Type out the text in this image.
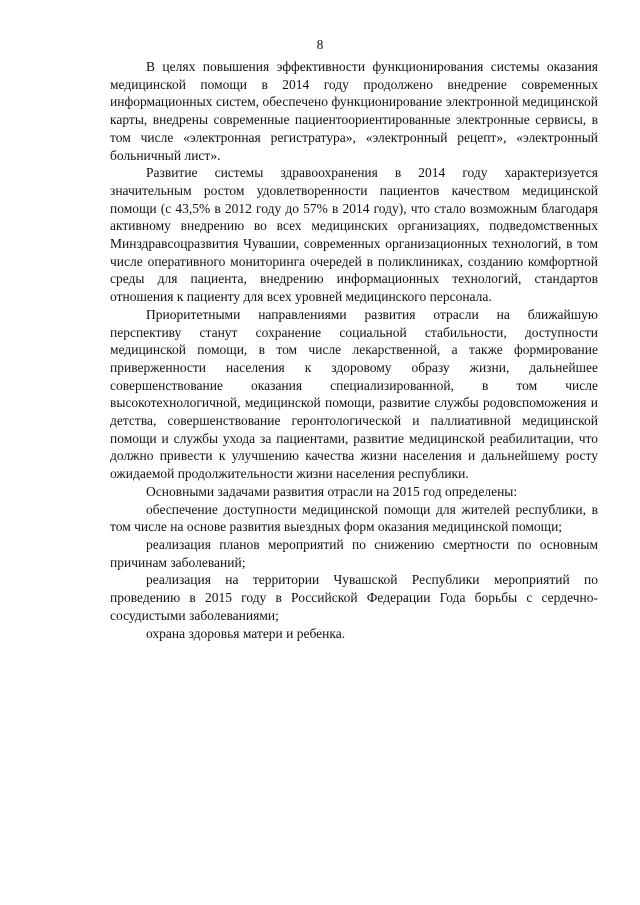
8

В целях повышения эффективности функционирования системы оказания медицинской помощи в 2014 году продолжено внедрение современных информационных систем, обеспечено функционирование электронной медицинской карты, внедрены современные пациентоориентированные электронные сервисы, в том числе «электронная регистратура», «электронный рецепт», «электронный больничный лист».

Развитие системы здравоохранения в 2014 году характеризуется значительным ростом удовлетворенности пациентов качеством медицинской помощи (с 43,5% в 2012 году до 57% в 2014 году), что стало возможным благодаря активному внедрению во всех медицинских организациях, подведомственных Минздравсоцразвития Чувашии, современных организационных технологий, в том числе оперативного мониторинга очередей в поликлиниках, созданию комфортной среды для пациента, внедрению информационных технологий, стандартов отношения к пациенту для всех уровней медицинского персонала.

Приоритетными направлениями развития отрасли на ближайшую перспективу станут сохранение социальной стабильности, доступности медицинской помощи, в том числе лекарственной, а также формирование приверженности населения к здоровому образу жизни, дальнейшее совершенствование оказания специализированной, в том числе высокотехнологичной, медицинской помощи, развитие службы родовспоможения и детства, совершенствование геронтологической и паллиативной медицинской помощи и службы ухода за пациентами, развитие медицинской реабилитации, что должно привести к улучшению качества жизни населения и дальнейшему росту ожидаемой продолжительности жизни населения республики.

Основными задачами развития отрасли на 2015 год определены:

обеспечение доступности медицинской помощи для жителей республики, в том числе на основе развития выездных форм оказания медицинской помощи;

реализация планов мероприятий по снижению смертности по основным причинам заболеваний;

реализация на территории Чувашской Республики мероприятий по проведению в 2015 году в Российской Федерации Года борьбы с сердечно-сосудистыми заболеваниями;

охрана здоровья матери и ребенка.
